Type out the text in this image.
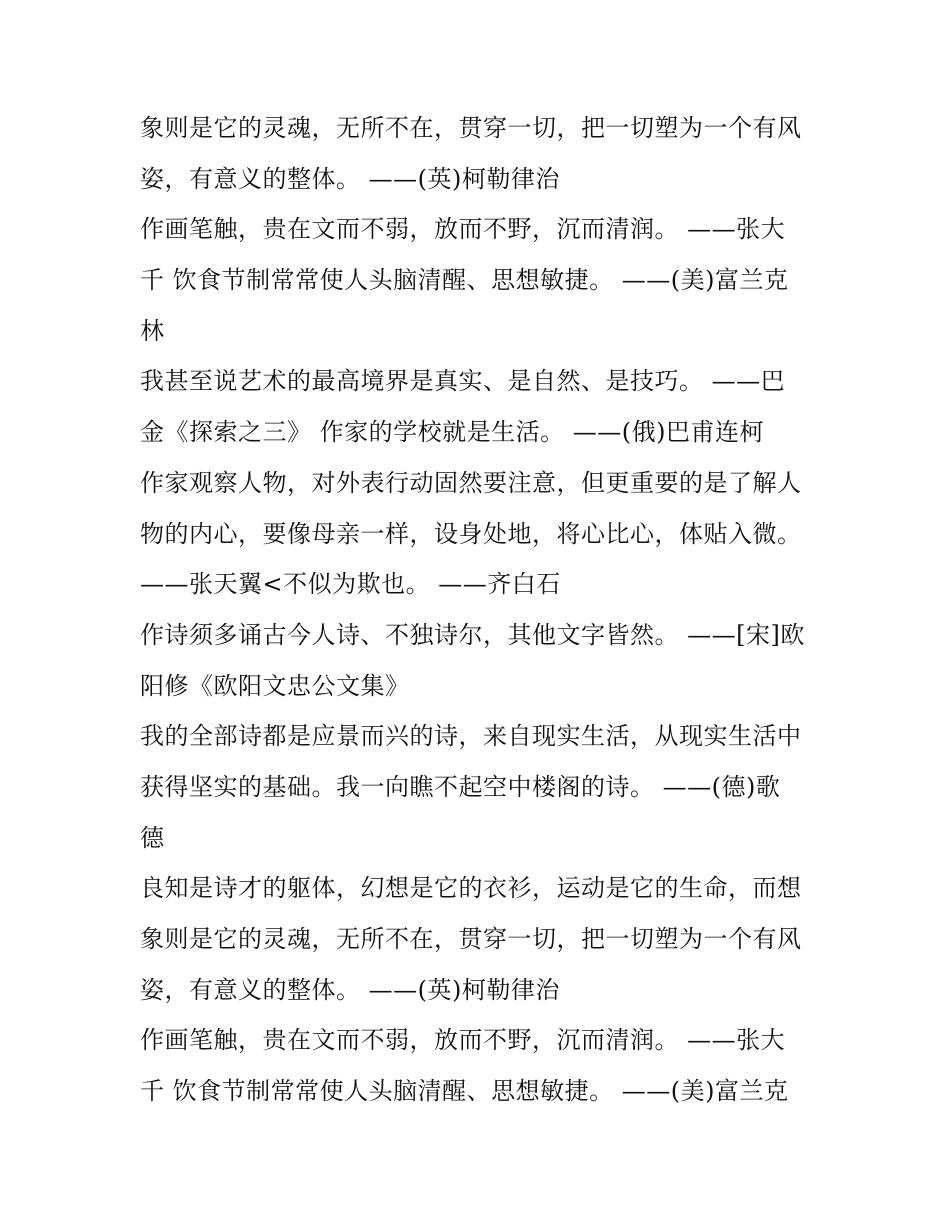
象则是它的灵魂，无所不在，贯穿一切，把一切塑为一个有风
姿，有意义的整体。 ——(英)柯勒律治
作画笔触，贵在文而不弱，放而不野，沉而清润。 ——张大
千 饮食节制常常使人头脑清醒、思想敏捷。 ——(美)富兰克
林
我甚至说艺术的最高境界是真实、是自然、是技巧。 ——巴
金《探索之三》 作家的学校就是生活。 ——(俄)巴甫连柯
作家观察人物，对外表行动固然要注意，但更重要的是了解人
物的内心，要像母亲一样，设身处地，将心比心，体贴入微。
——张天翼<不似为欺也。 ——齐白石
作诗须多诵古今人诗、不独诗尔，其他文字皆然。 ——[宋]欧
阳修《欧阳文忠公文集》
我的全部诗都是应景而兴的诗，来自现实生活，从现实生活中
获得坚实的基础。我一向瞧不起空中楼阁的诗。 ——(德)歌
德
良知是诗才的躯体，幻想是它的衣衫，运动是它的生命，而想
象则是它的灵魂，无所不在，贯穿一切，把一切塑为一个有风
姿，有意义的整体。 ——(英)柯勒律治
作画笔触，贵在文而不弱，放而不野，沉而清润。 ——张大
千 饮食节制常常使人头脑清醒、思想敏捷。 ——(美)富兰克
